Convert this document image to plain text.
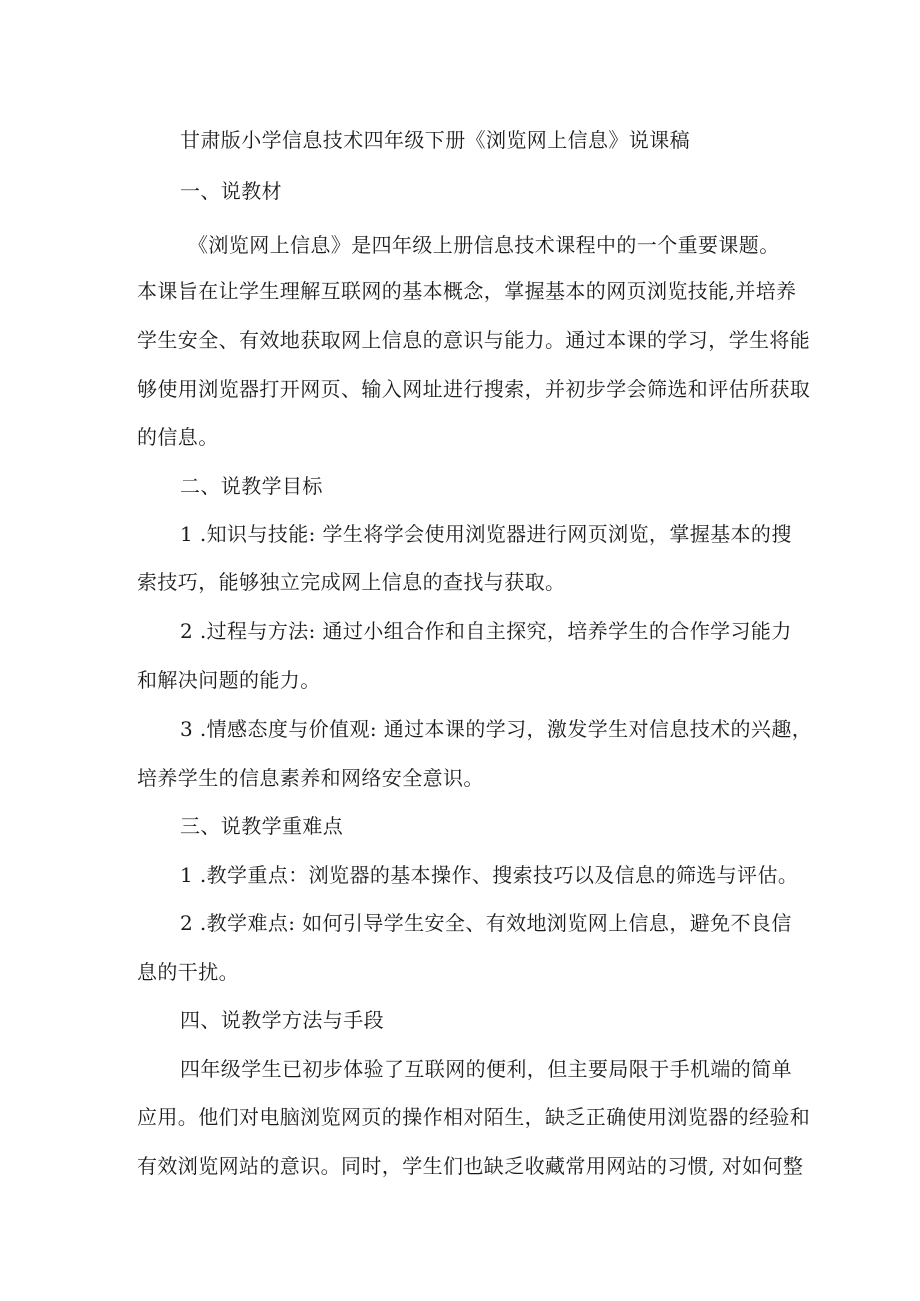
甘肃版小学信息技术四年级下册《浏览网上信息》说课稿
一、说教材
《浏览网上信息》是四年级上册信息技术课程中的一个重要课题。
本课旨在让学生理解互联网的基本概念，掌握基本的网页浏览技能,并培养
学生安全、有效地获取网上信息的意识与能力。通过本课的学习，学生将能
够使用浏览器打开网页、输入网址进行搜索，并初步学会筛选和评估所获取
的信息。
二、说教学目标
1 .知识与技能: 学生将学会使用浏览器进行网页浏览，掌握基本的搜
索技巧，能够独立完成网上信息的查找与获取。
2 .过程与方法: 通过小组合作和自主探究，培养学生的合作学习能力
和解决问题的能力。
3 .情感态度与价值观: 通过本课的学习，激发学生对信息技术的兴趣，
培养学生的信息素养和网络安全意识。
三、说教学重难点
1 .教学重点：浏览器的基本操作、搜索技巧以及信息的筛选与评估。
2 .教学难点: 如何引导学生安全、有效地浏览网上信息，避免不良信
息的干扰。
四、说教学方法与手段
四年级学生已初步体验了互联网的便利，但主要局限于手机端的简单
应用。他们对电脑浏览网页的操作相对陌生，缺乏正确使用浏览器的经验和
有效浏览网站的意识。同时，学生们也缺乏收藏常用网站的习惯, 对如何整
